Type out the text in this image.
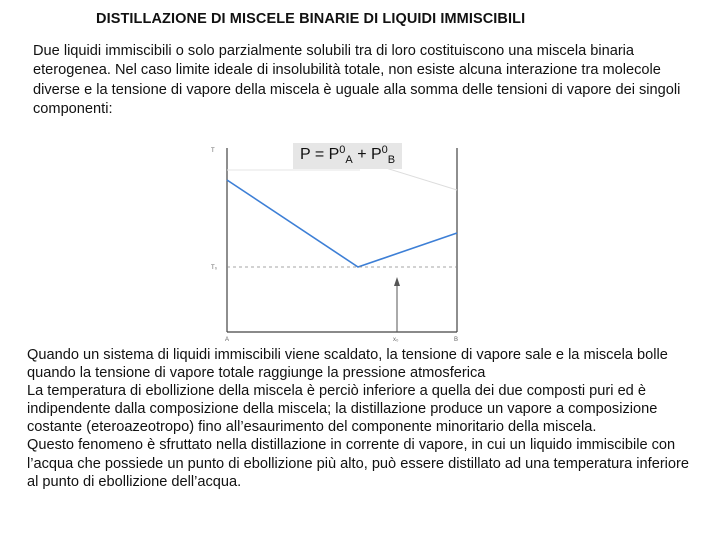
DISTILLAZIONE DI MISCELE BINARIE DI LIQUIDI IMMISCIBILI
Due liquidi immiscibili o solo parzialmente solubili tra di loro costituiscono una miscela binaria eterogenea. Nel caso limite ideale di insolubilità totale, non esiste alcuna interazione tra molecole diverse e la tensione di vapore della miscela è uguale alla somma delle tensioni di vapore dei singoli componenti:
T
T₀
A	x₀	B
$P = P^0_A + P^0_B$

Quando un sistema di liquidi immiscibili viene scaldato, la tensione di vapore sale e la miscela bolle quando la tensione di vapore totale raggiunge la pressione atmosferica

La temperatura di ebollizione della miscela è perciò inferiore a quella dei due composti puri ed è indipendente dalla composizione della miscela; la distillazione produce un vapore a composizione costante (eteroazeotropo) fino all’esaurimento del componente minoritario della miscela.

Questo fenomeno è sfruttato nella distillazione in corrente di vapore, in cui un liquido immiscibile con l’acqua che possiede un punto di ebollizione più alto, può essere distillato ad una temperatura inferiore al punto di ebollizione dell’acqua.
